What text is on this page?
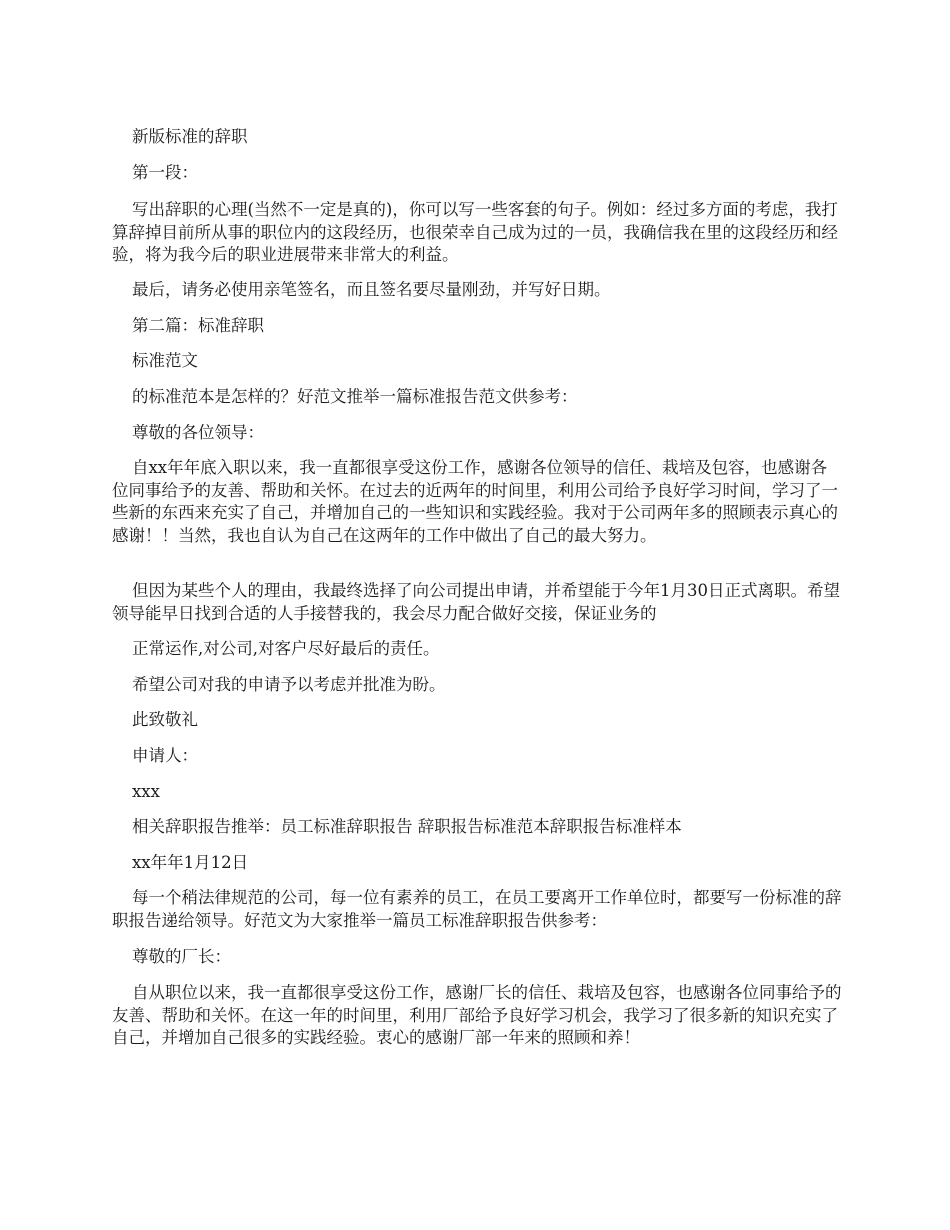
新版标准的辞职

第一段：

写出辞职的心理(当然不一定是真的)，你可以写一些客套的句子。例如：经过多方面的考虑，我打算辞掉目前所从事的职位内的这段经历，也很荣幸自己成为过的一员，我确信我在里的这段经历和经验，将为我今后的职业进展带来非常大的利益。

最后，请务必使用亲笔签名，而且签名要尽量刚劲，并写好日期。

第二篇：标准辞职

标准范文

的标准范本是怎样的？好范文推举一篇标准报告范文供参考：

尊敬的各位领导：

自xx年年底入职以来，我一直都很享受这份工作，感谢各位领导的信任、栽培及包容，也感谢各位同事给予的友善、帮助和关怀。在过去的近两年的时间里，利用公司给予良好学习时间，学习了一些新的东西来充实了自己，并增加自己的一些知识和实践经验。我对于公司两年多的照顾表示真心的感谢！！当然，我也自认为自己在这两年的工作中做出了自己的最大努力。

但因为某些个人的理由，我最终选择了向公司提出申请，并希望能于今年1月30日正式离职。希望领导能早日找到合适的人手接替我的，我会尽力配合做好交接，保证业务的

正常运作,对公司,对客户尽好最后的责任。

希望公司对我的申请予以考虑并批准为盼。

此致敬礼

申请人：

xxx

相关辞职报告推举：员工标准辞职报告 辞职报告标准范本辞职报告标准样本

xx年年1月12日

每一个稍法律规范的公司，每一位有素养的员工，在员工要离开工作单位时，都要写一份标准的辞职报告递给领导。好范文为大家推举一篇员工标准辞职报告供参考：

尊敬的厂长：

自从职位以来，我一直都很享受这份工作，感谢厂长的信任、栽培及包容，也感谢各位同事给予的友善、帮助和关怀。在这一年的时间里，利用厂部给予良好学习机会，我学习了很多新的知识充实了自己，并增加自己很多的实践经验。衷心的感谢厂部一年来的照顾和养！
